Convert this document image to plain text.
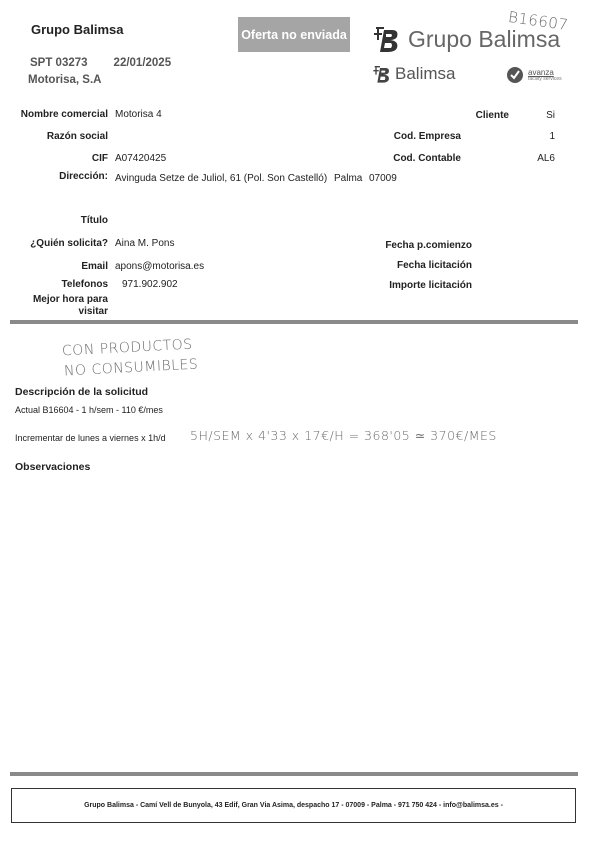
Grupo Balimsa	Oferta no enviada
SPT 03273 22/01/2025
Motorisa, S.A
B16607
Grupo Balimsa
Balimsa	avanza
facility services
Nombre comercial Motorisa 4
Razón social
CIF A07420425
Dirección: Avinguda Setze de Juliol, 61 (Pol. Son Castelló) Palma 07009
Título
¿Quién solicita? Aina M. Pons
Email apons@motorisa.es
Telefonos 971.902.902
Mejor hora para
visitar
Cliente	Si
Cod. Empresa	1
Cod. Contable	AL6
Fecha p.comienzo
Fecha licitación
Importe licitación
CON PRODUCTOS
NO CONSUMIBLES
Descripción de la solicitud
Actual B16604 - 1 h/sem - 110 €/mes
Incrementar de lunes a viernes x 1h/d 5H/SEM x 4'33 x 17€/H = 368'05 ≃ 370€/MES
Observaciones
Grupo Balimsa - Camí Vell de Bunyola, 43 Edif, Gran Via Asima, despacho 17 - 07009 - Palma - 971 750 424 - info@balimsa.es -
